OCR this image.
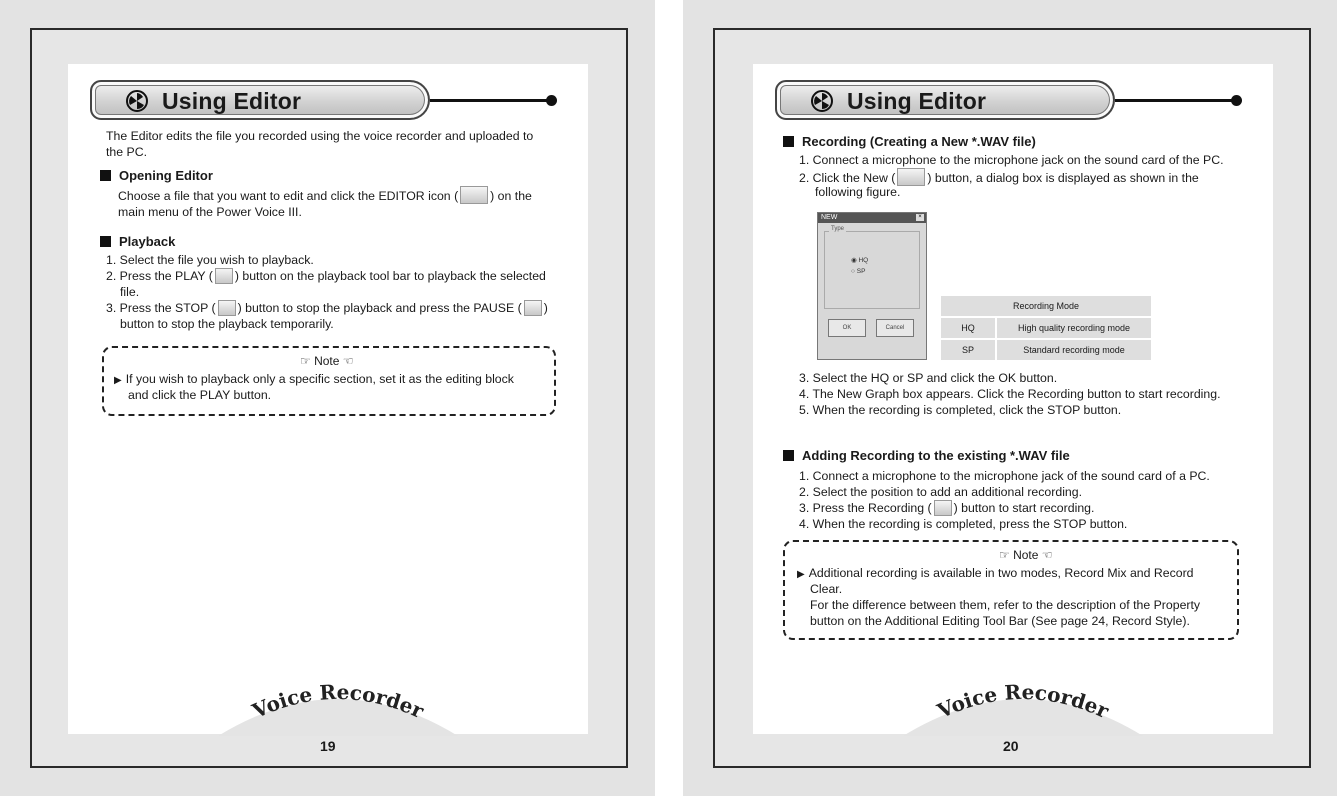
Using Editor
The Editor edits the file you recorded using the voice recorder and uploaded to
the PC.
Opening Editor
Choose a file that you want to edit and click the EDITOR icon (	) on the
main menu of the Power Voice III.
Playback
1. Select the file you wish to playback.
2. Press the PLAY ( ) button on the playback tool bar to playback the selected
file.
3. Press the STOP ( ) button to stop the playback and press the PAUSE ( )
button to stop the playback temporarily.
☞ Note ☜
▶ If you wish to playback only a specific section, set it as the editing block
and click the PLAY button.
Voice Recorder
19
Using Editor
Recording (Creating a New *.WAV file)
1. Connect a microphone to the microphone jack on the sound card of the PC.
2. Click the New (	) button, a dialog box is displayed as shown in the
following figure.
NEW	×
Type
◉ HQ
○ SP
OK	Cancel
Recording Mode	
HQ	High quality recording mode
SP	Standard recording mode
3. Select the HQ or SP and click the OK button.
4. The New Graph box appears. Click the Recording button to start recording.
5. When the recording is completed, click the STOP button.
Adding Recording to the existing *.WAV file
1. Connect a microphone to the microphone jack of the sound card of a PC.
2. Select the position to add an additional recording.
3. Press the Recording ( ) button to start recording.
4. When the recording is completed, press the STOP button.
☞ Note ☜
▶ Additional recording is available in two modes, Record Mix and Record
Clear.
For the difference between them, refer to the description of the Property
button on the Additional Editing Tool Bar (See page 24, Record Style).
Voice Recorder
20
